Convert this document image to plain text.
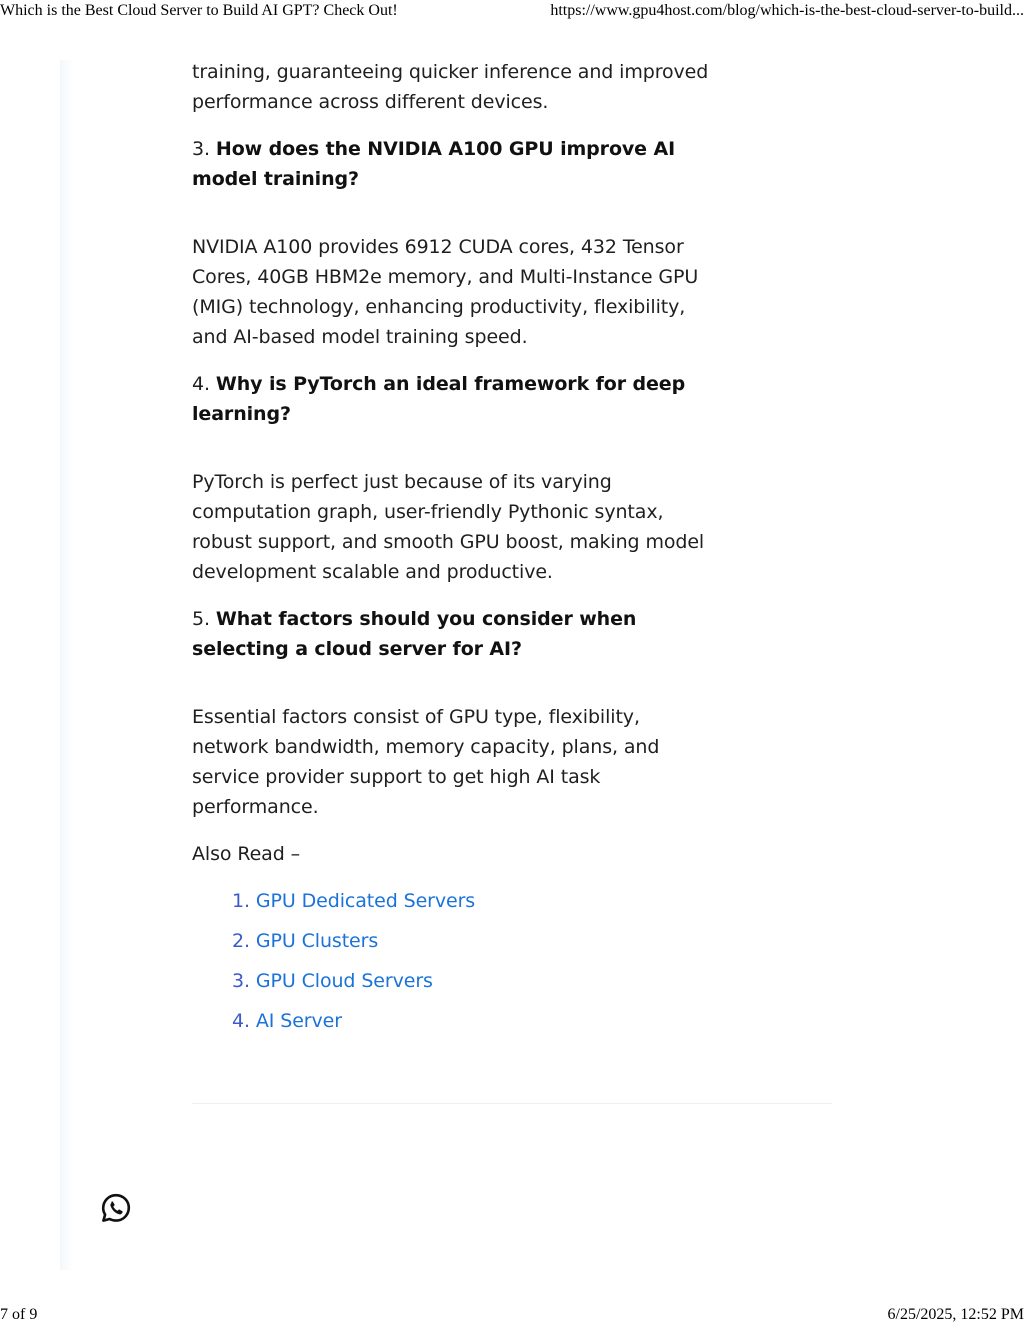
Which is the Best Cloud Server to Build AI GPT? Check Out!	https://www.gpu4host.com/blog/which-is-the-best-cloud-server-to-build...

training, guaranteeing quicker inference and improved performance across different devices.

3. How does the NVIDIA A100 GPU improve AI model training?

NVIDIA A100 provides 6912 CUDA cores, 432 Tensor Cores, 40GB HBM2e memory, and Multi-Instance GPU (MIG) technology, enhancing productivity, flexibility, and AI-based model training speed.

4. Why is PyTorch an ideal framework for deep learning?

PyTorch is perfect just because of its varying computation graph, user-friendly Pythonic syntax, robust support, and smooth GPU boost, making model development scalable and productive.

5. What factors should you consider when selecting a cloud server for AI?

Essential factors consist of GPU type, flexibility, network bandwidth, memory capacity, plans, and service provider support to get high AI task performance.

Also Read –

1. GPU Dedicated Servers
2. GPU Clusters
3. GPU Cloud Servers
4. AI Server
7 of 9	6/25/2025, 12:52 PM
